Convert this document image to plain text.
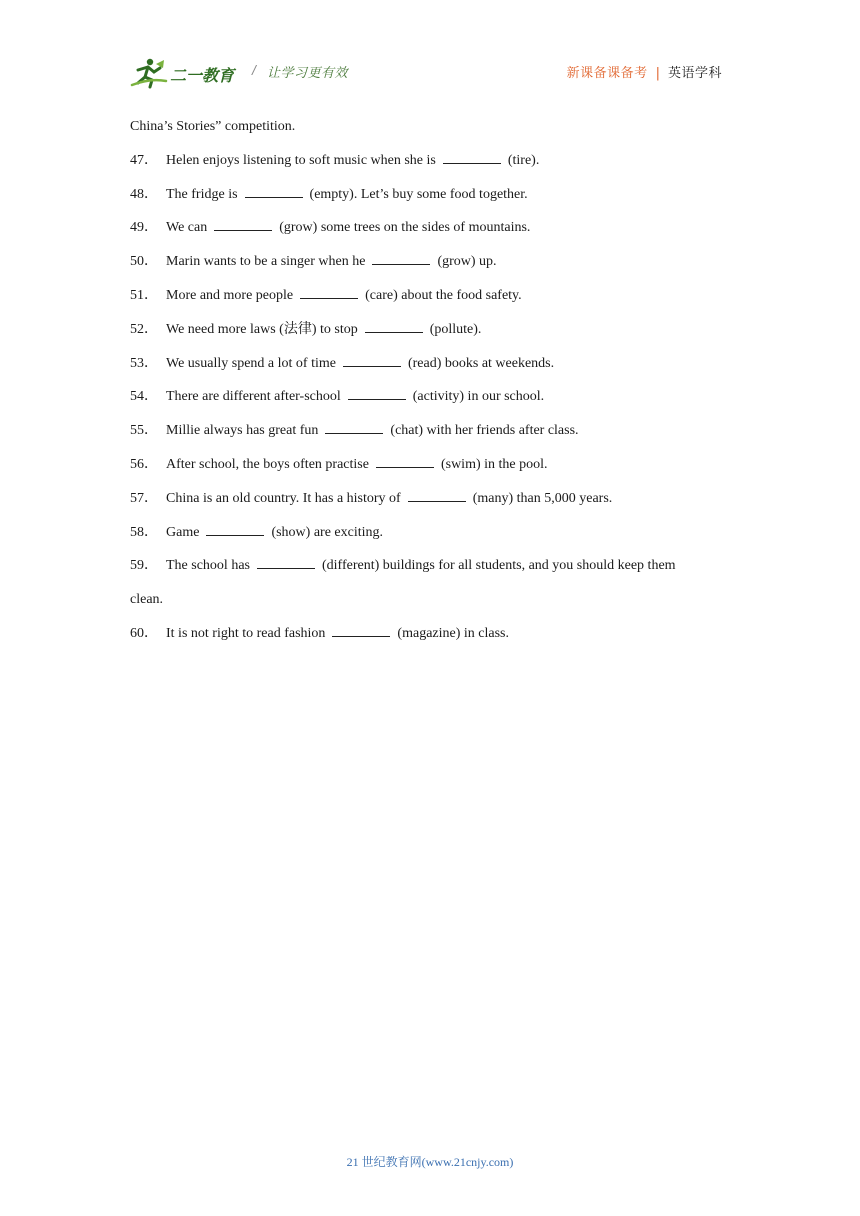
二一教育 / 让学习更有效	新课备课备考 | 英语学科
China’s Stories” competition.
47． Helen enjoys listening to soft music when she is	(tire).
48． The fridge is	(empty). Let’s buy some food together.
49． We can	(grow) some trees on the sides of mountains.
50． Marin wants to be a singer when he	(grow) up.
51． More and more people	(care) about the food safety.
52． We need more laws (法律) to stop	(pollute).
53． We usually spend a lot of time	(read) books at weekends.
54． There are different after-school	(activity) in our school.
55． Millie always has great fun	(chat) with her friends after class.
56． After school, the boys often practise	(swim) in the pool.
57． China is an old country. It has a history of	(many) than 5,000 years.
58． Game	(show) are exciting.
59． The school has	(different) buildings for all students, and you should keep them
clean.
60． It is not right to read fashion	(magazine) in class.
21 世纪教育网(www.21cnjy.com)
